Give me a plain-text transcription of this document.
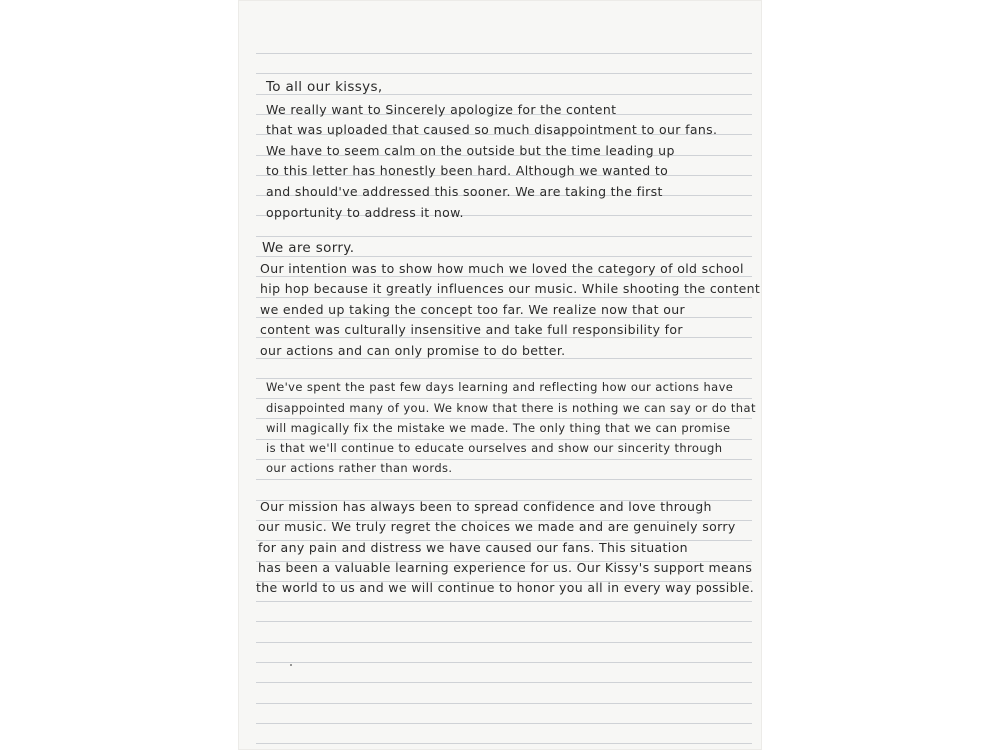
To all our kissys,
We really want to Sincerely apologize for the content
that was uploaded that caused so much disappointment to our fans.
We have to seem calm on the outside but the time leading up
to this letter has honestly been hard. Although we wanted to
and should've addressed this sooner. We are taking the first
opportunity to address it now.
We are sorry.
Our intention was to show how much we loved the category of old school
hip hop because it greatly influences our music. While shooting the content
we ended up taking the concept too far. We realize now that our
content was culturally insensitive and take full responsibility for
our actions and can only promise to do better.
We've spent the past few days learning and reflecting how our actions have
disappointed many of you. We know that there is nothing we can say or do that
will magically fix the mistake we made. The only thing that we can promise
is that we'll continue to educate ourselves and show our sincerity through
our actions rather than words.
Our mission has always been to spread confidence and love through
our music. We truly regret the choices we made and are genuinely sorry
for any pain and distress we have caused our fans. This situation
has been a valuable learning experience for us. Our Kissy's support means
the world to us and we will continue to honor you all in every way possible.
